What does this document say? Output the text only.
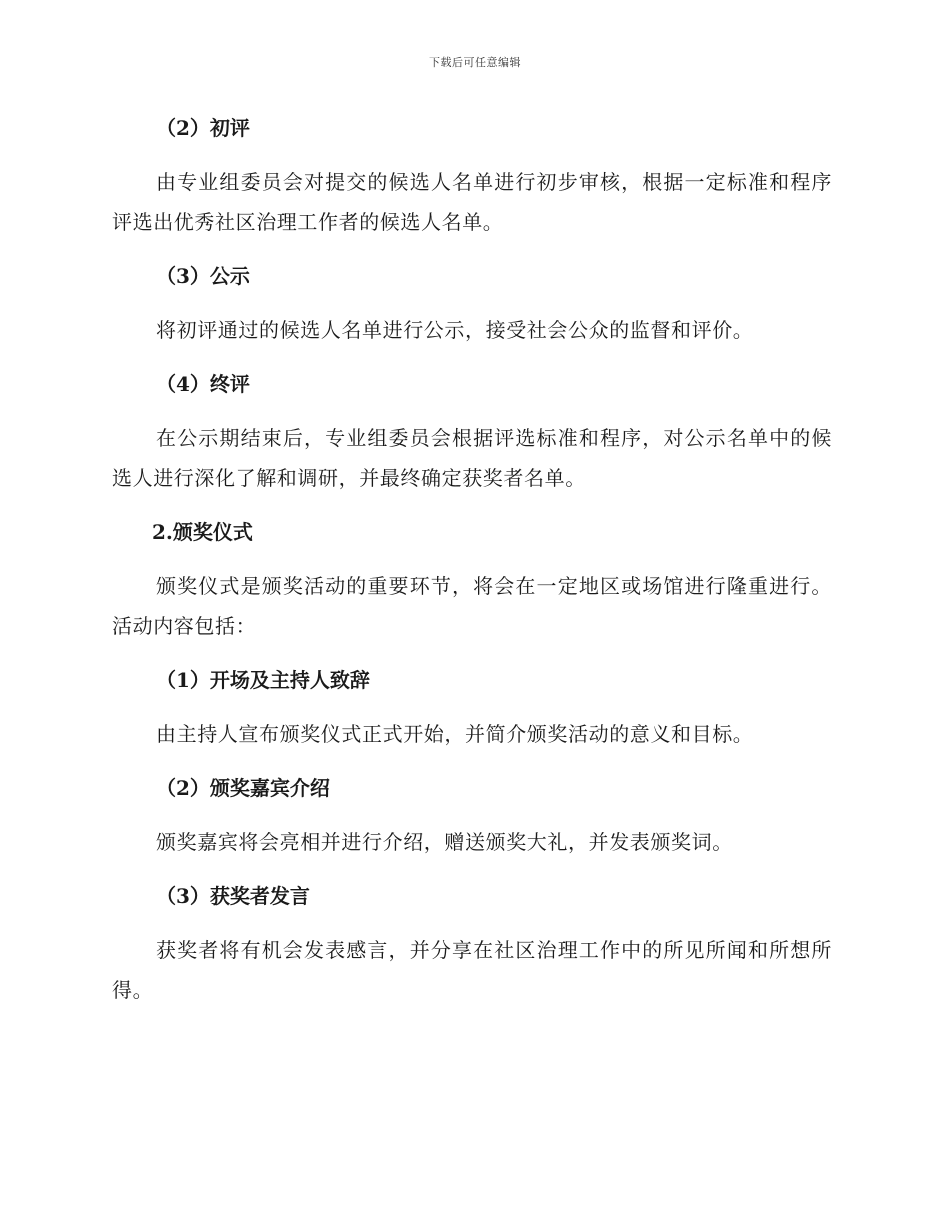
下载后可任意编辑
（2）初评
由专业组委员会对提交的候选人名单进行初步审核，根据一定标准和程序评选出优秀社区治理工作者的候选人名单。
（3）公示
将初评通过的候选人名单进行公示，接受社会公众的监督和评价。
（4）终评
在公示期结束后，专业组委员会根据评选标准和程序，对公示名单中的候选人进行深化了解和调研，并最终确定获奖者名单。
2.颁奖仪式
颁奖仪式是颁奖活动的重要环节，将会在一定地区或场馆进行隆重进行。活动内容包括：
（1）开场及主持人致辞
由主持人宣布颁奖仪式正式开始，并简介颁奖活动的意义和目标。
（2）颁奖嘉宾介绍
颁奖嘉宾将会亮相并进行介绍，赠送颁奖大礼，并发表颁奖词。
（3）获奖者发言
获奖者将有机会发表感言，并分享在社区治理工作中的所见所闻和所想所得。
